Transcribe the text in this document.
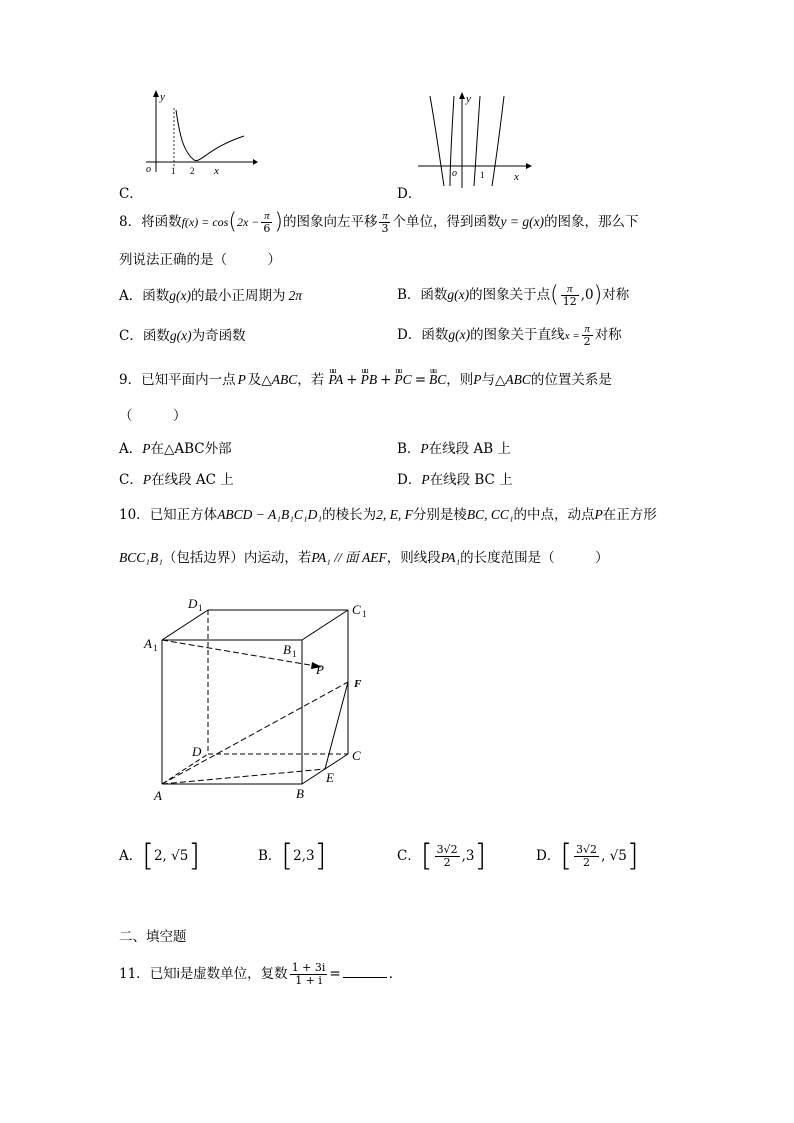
y
x
o 1 2
C．
y
x
o	1
D．
8．将函数$f(x) = \cos(2x - \frac{\pi}{6}$ )的图象向左平移 $\frac{\pi}{3}$ 个单位，得到函数y = g(x)的图象，那么下
列说法正确的是（　　　）
A．函数g(x)的最小正周期为 2π	B．函数g(x)的图象关于点( $\frac{\pi}{12} ,0$)对称
C．函数g(x)为奇函数	D．函数g(x)的图象关于直线$x = \frac{\pi}{2}$ 对称
9．已知平面内一点 P 及△ABC，若 uu PA + uu PB + uu PC = uu BC，则P与△ABC的位置关系是
（　　　）
A．P在△ABC外部	B．P在线段 AB 上
C．P在线段 AC 上	D．P在线段 BC 上
10．已知正方体ABCD − A₁B₁C₁D₁的棱长为2, E, F分别是棱BC, CC₁的中点，动点P在正方形
BCC₁B₁（包括边界）内运动，若PA₁ // 面 AEF，则线段PA₁的长度范围是（　　　）
D 1	C 1
A 1	B 1
P
F
D	C
E
A	B
A．[2, √5]	B．[2,3]	C．[ $\frac{3√2}{2} ,3$]	D．[ $\frac{3√2}{2}$ , √5]
二、填空题
11．已知i是虚数单位，复数 $\frac{1 + 3i}{1 + i}$ =	．
